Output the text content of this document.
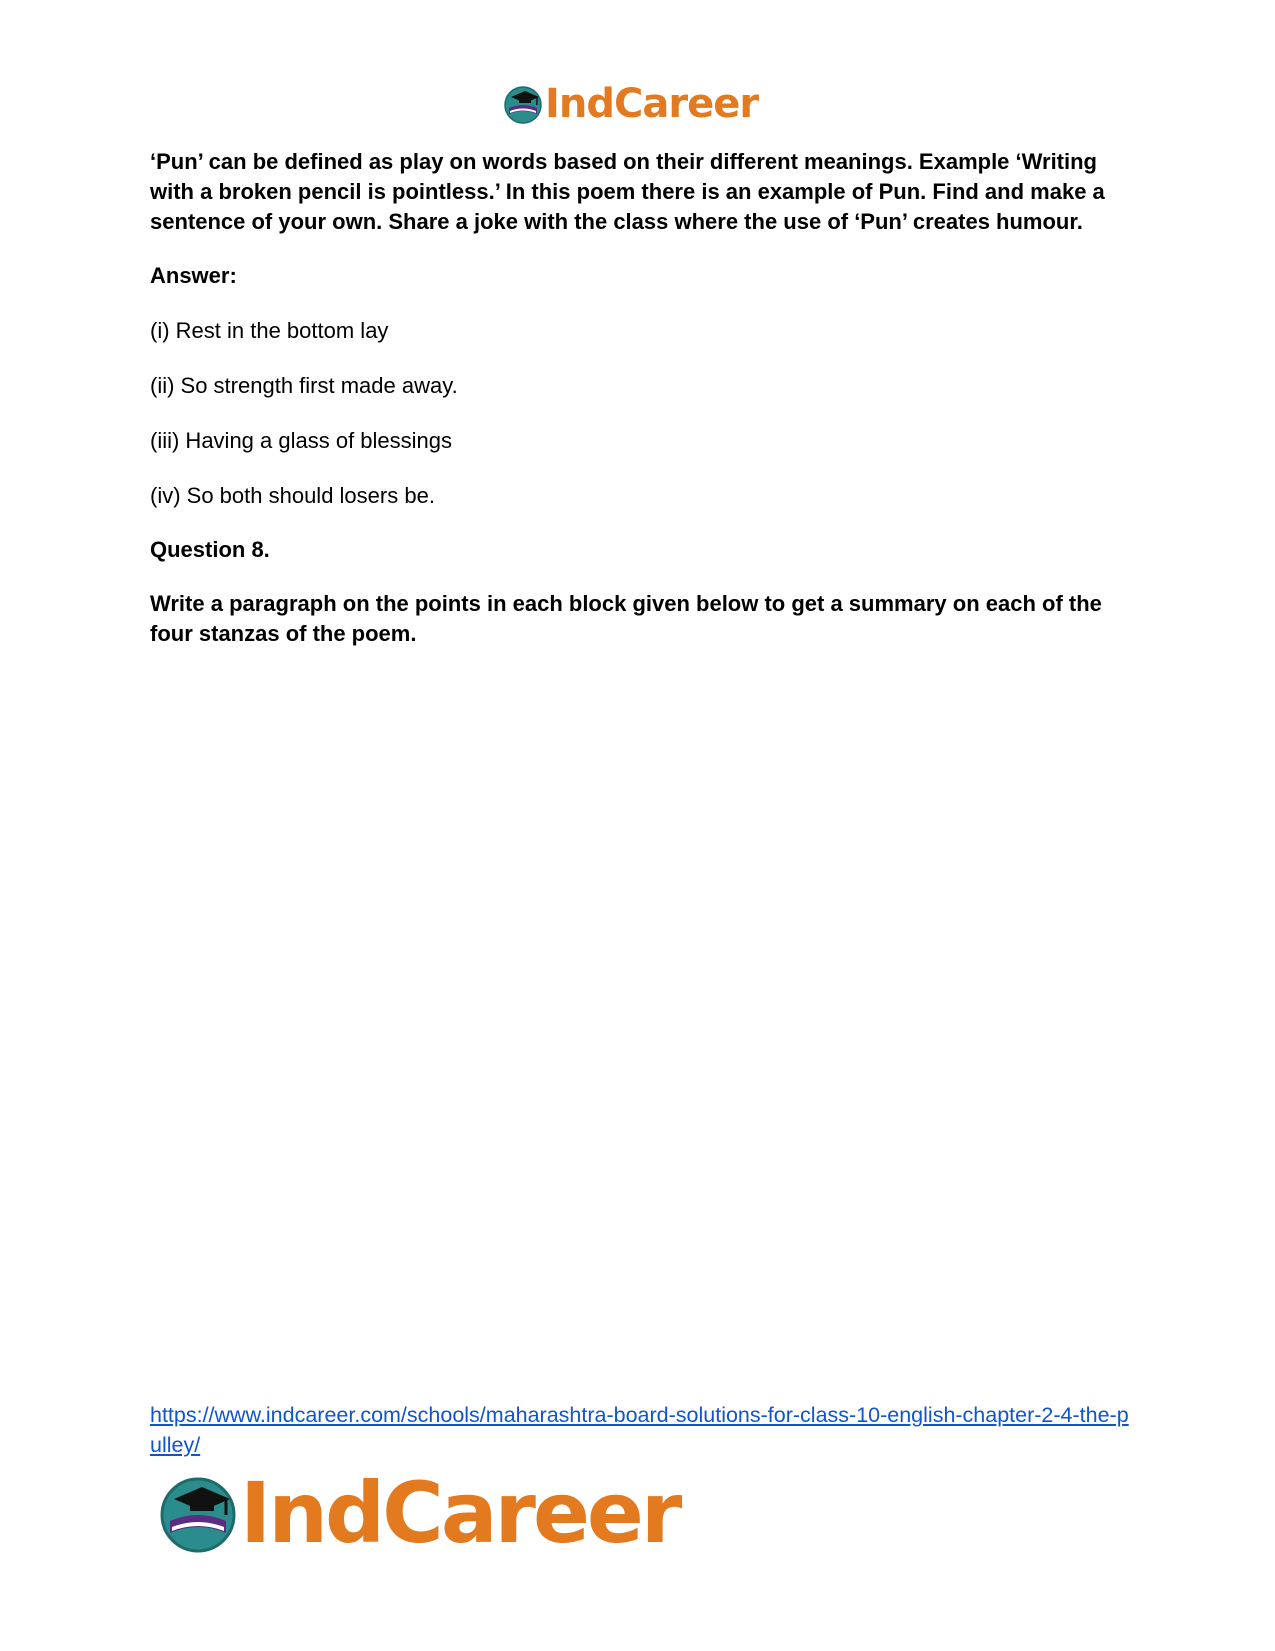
IndCareer

‘Pun’ can be defined as play on words based on their different meanings. Example ‘Writing with a broken pencil is pointless.’ In this poem there is an example of Pun. Find and make a sentence of your own. Share a joke with the class where the use of ‘Pun’ creates humour.

Answer:

(i) Rest in the bottom lay

(ii) So strength first made away.

(iii) Having a glass of blessings

(iv) So both should losers be.

Question 8.

Write a paragraph on the points in each block given below to get a summary on each of the four stanzas of the poem.

https://www.indcareer.com/schools/maharashtra-board-solutions-for-class-10-english-chapter-2-4-the-pulley/
IndCareer
